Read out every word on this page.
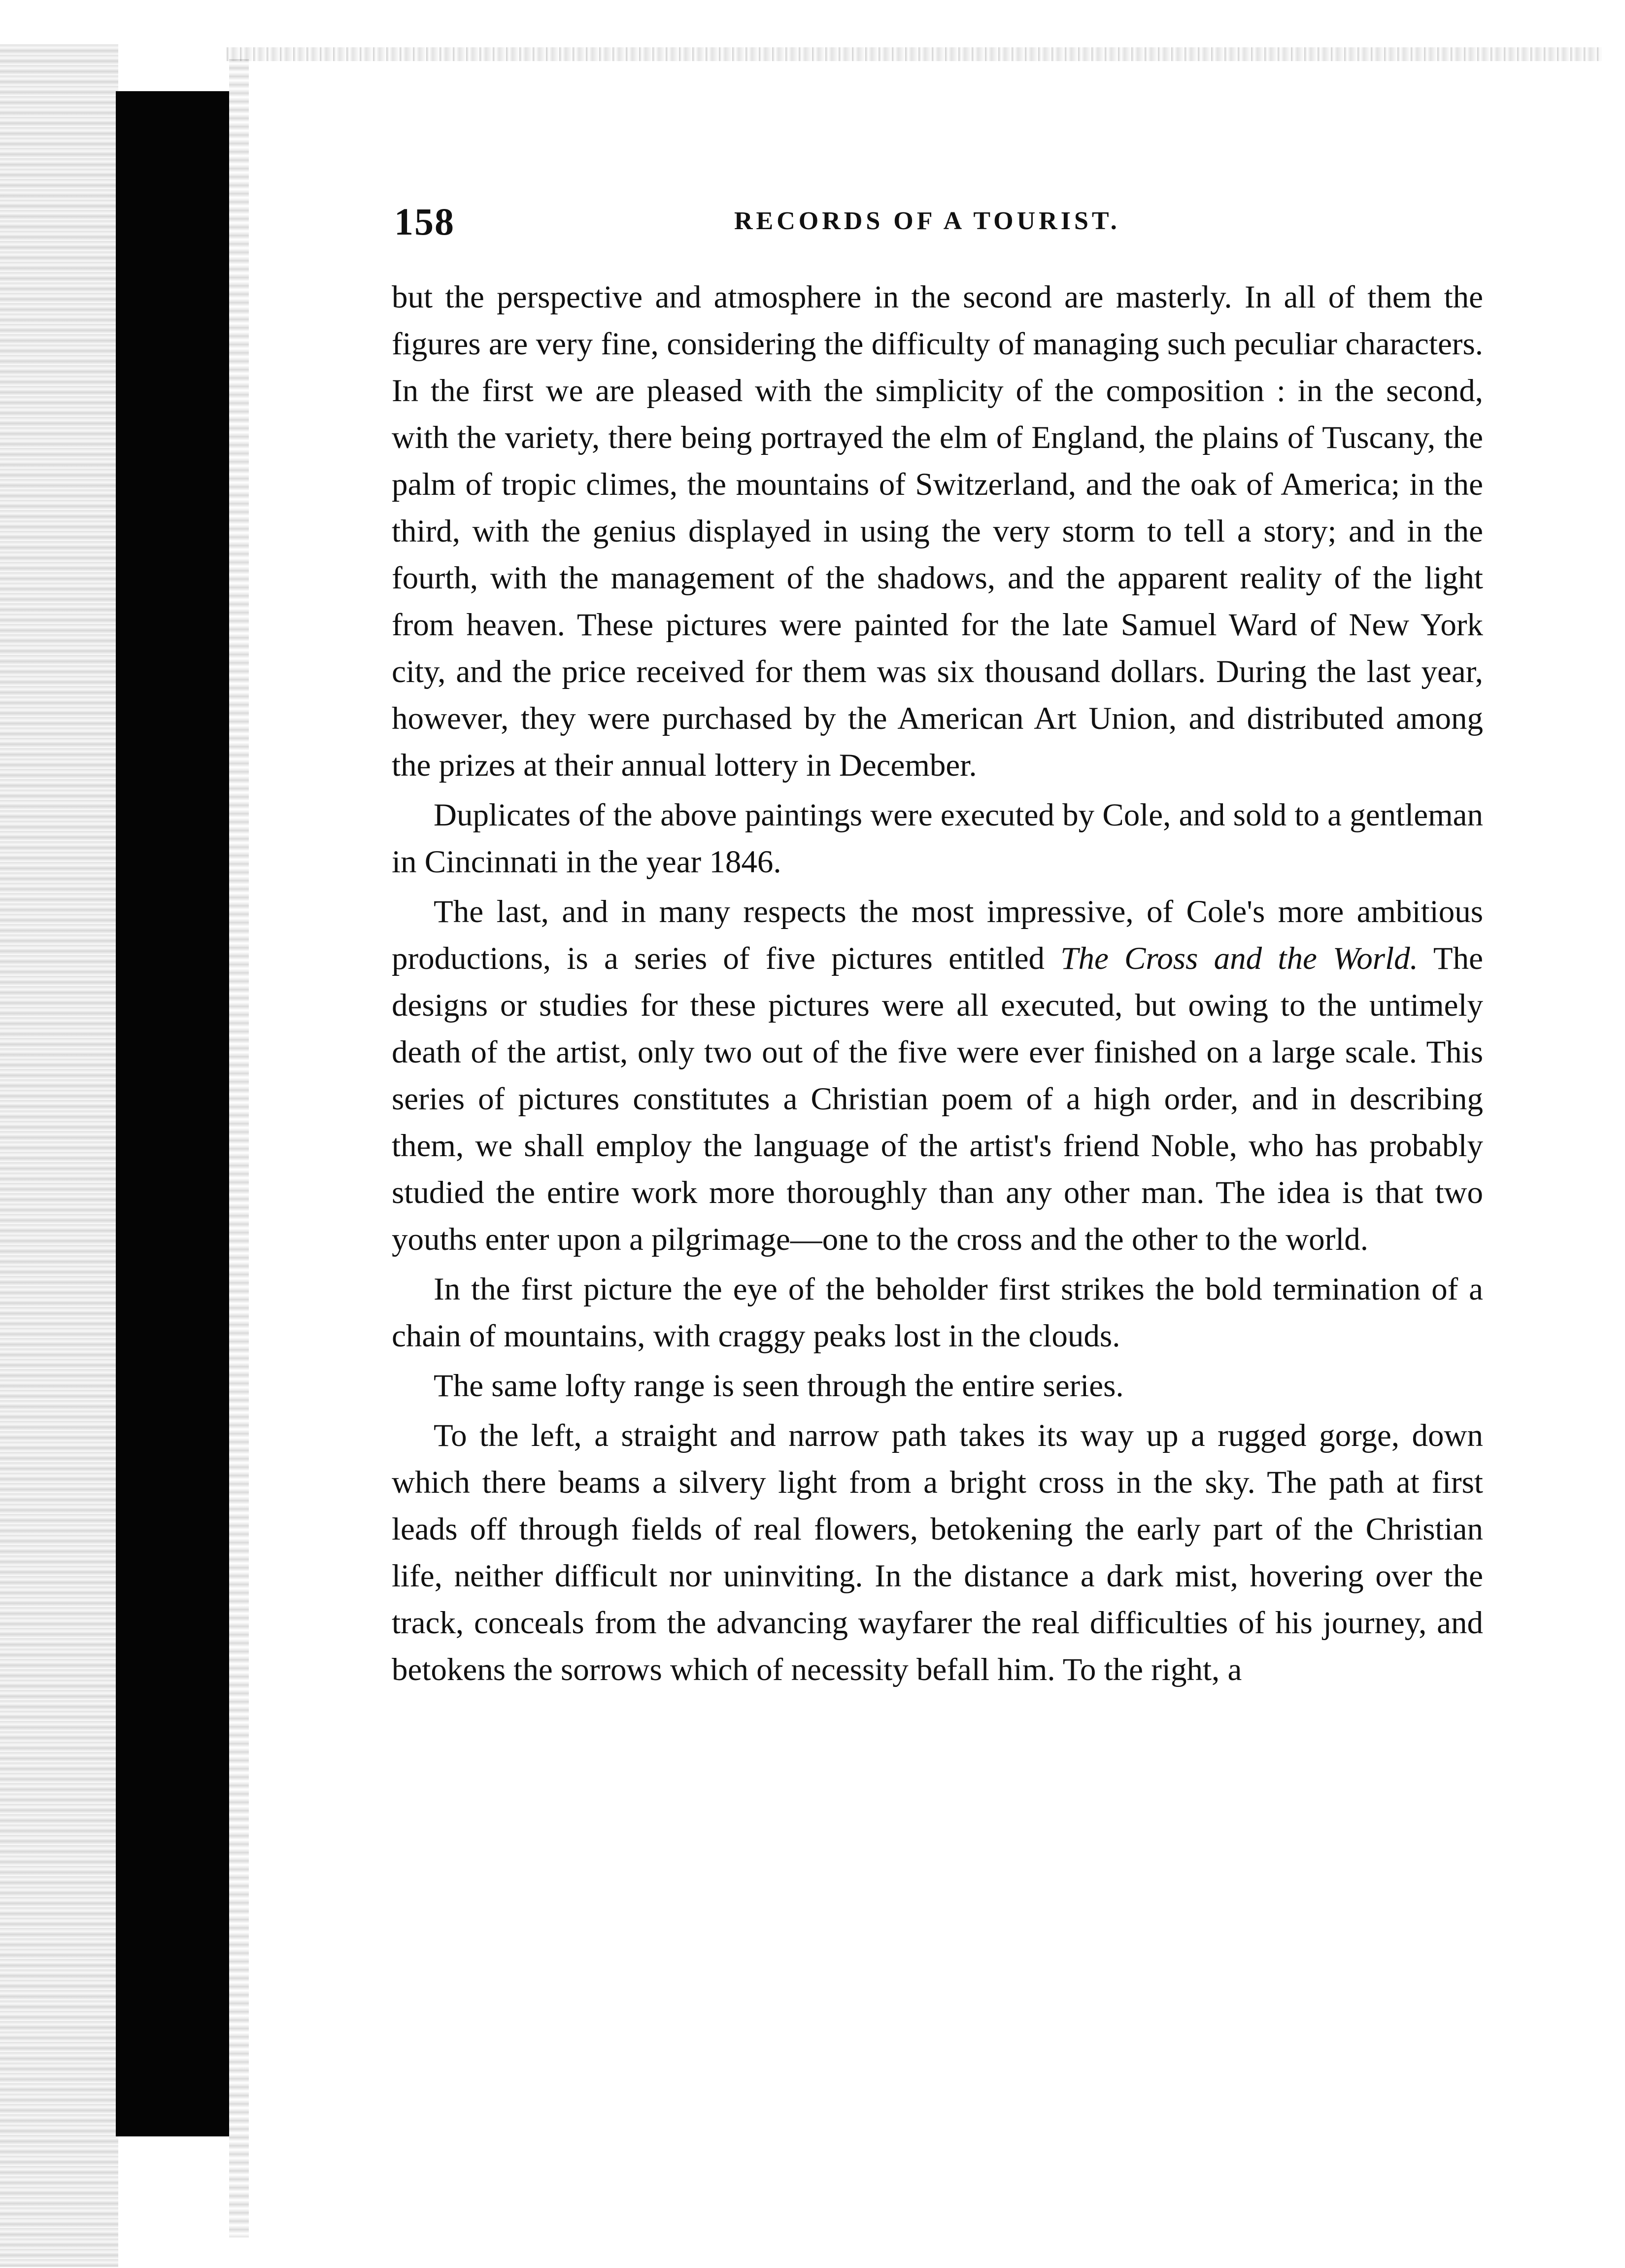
158	RECORDS OF A TOURIST.

but the perspective and atmosphere in the second are masterly. In all of them the figures are very fine, considering the difficulty of managing such peculiar characters. In the first we are pleased with the simplicity of the composition : in the second, with the variety, there being portrayed the elm of England, the plains of Tuscany, the palm of tropic climes, the mountains of Switzerland, and the oak of America; in the third, with the genius displayed in using the very storm to tell a story; and in the fourth, with the management of the shadows, and the apparent reality of the light from heaven. These pictures were painted for the late Samuel Ward of New York city, and the price received for them was six thousand dollars. During the last year, however, they were purchased by the American Art Union, and distributed among the prizes at their annual lottery in December.

Duplicates of the above paintings were executed by Cole, and sold to a gentleman in Cincinnati in the year 1846.

The last, and in many respects the most impressive, of Cole's more ambitious productions, is a series of five pictures entitled The Cross and the World. The designs or studies for these pictures were all executed, but owing to the untimely death of the artist, only two out of the five were ever finished on a large scale. This series of pictures constitutes a Christian poem of a high order, and in describing them, we shall employ the language of the artist's friend Noble, who has probably studied the entire work more thoroughly than any other man. The idea is that two youths enter upon a pilgrimage—one to the cross and the other to the world.

In the first picture the eye of the beholder first strikes the bold termination of a chain of mountains, with craggy peaks lost in the clouds.

The same lofty range is seen through the entire series.

To the left, a straight and narrow path takes its way up a rugged gorge, down which there beams a silvery light from a bright cross in the sky. The path at first leads off through fields of real flowers, betokening the early part of the Christian life, neither difficult nor uninviting. In the distance a dark mist, hovering over the track, conceals from the advancing wayfarer the real difficulties of his journey, and betokens the sorrows which of necessity befall him. To the right, a
